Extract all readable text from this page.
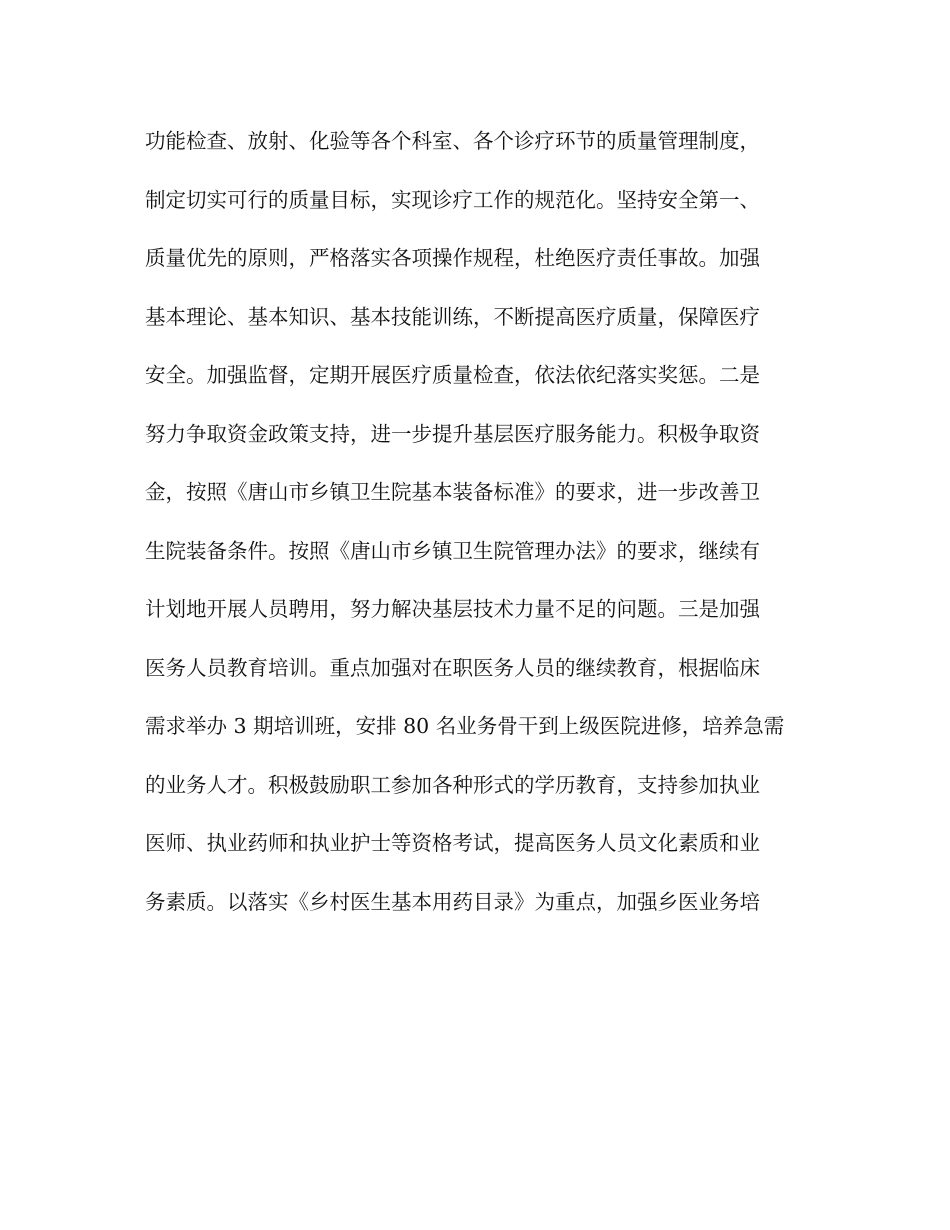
功能检查、放射、化验等各个科室、各个诊疗环节的质量管理制度，
制定切实可行的质量目标，实现诊疗工作的规范化。坚持安全第一、
质量优先的原则，严格落实各项操作规程，杜绝医疗责任事故。加强
基本理论、基本知识、基本技能训练，不断提高医疗质量，保障医疗
安全。加强监督，定期开展医疗质量检查，依法依纪落实奖惩。二是
努力争取资金政策支持，进一步提升基层医疗服务能力。积极争取资
金，按照《唐山市乡镇卫生院基本装备标准》的要求，进一步改善卫
生院装备条件。按照《唐山市乡镇卫生院管理办法》的要求，继续有
计划地开展人员聘用，努力解决基层技术力量不足的问题。三是加强
医务人员教育培训。重点加强对在职医务人员的继续教育，根据临床
需求举办 3 期培训班，安排 80 名业务骨干到上级医院进修，培养急需
的业务人才。积极鼓励职工参加各种形式的学历教育，支持参加执业
医师、执业药师和执业护士等资格考试，提高医务人员文化素质和业
务素质。以落实《乡村医生基本用药目录》为重点，加强乡医业务培
